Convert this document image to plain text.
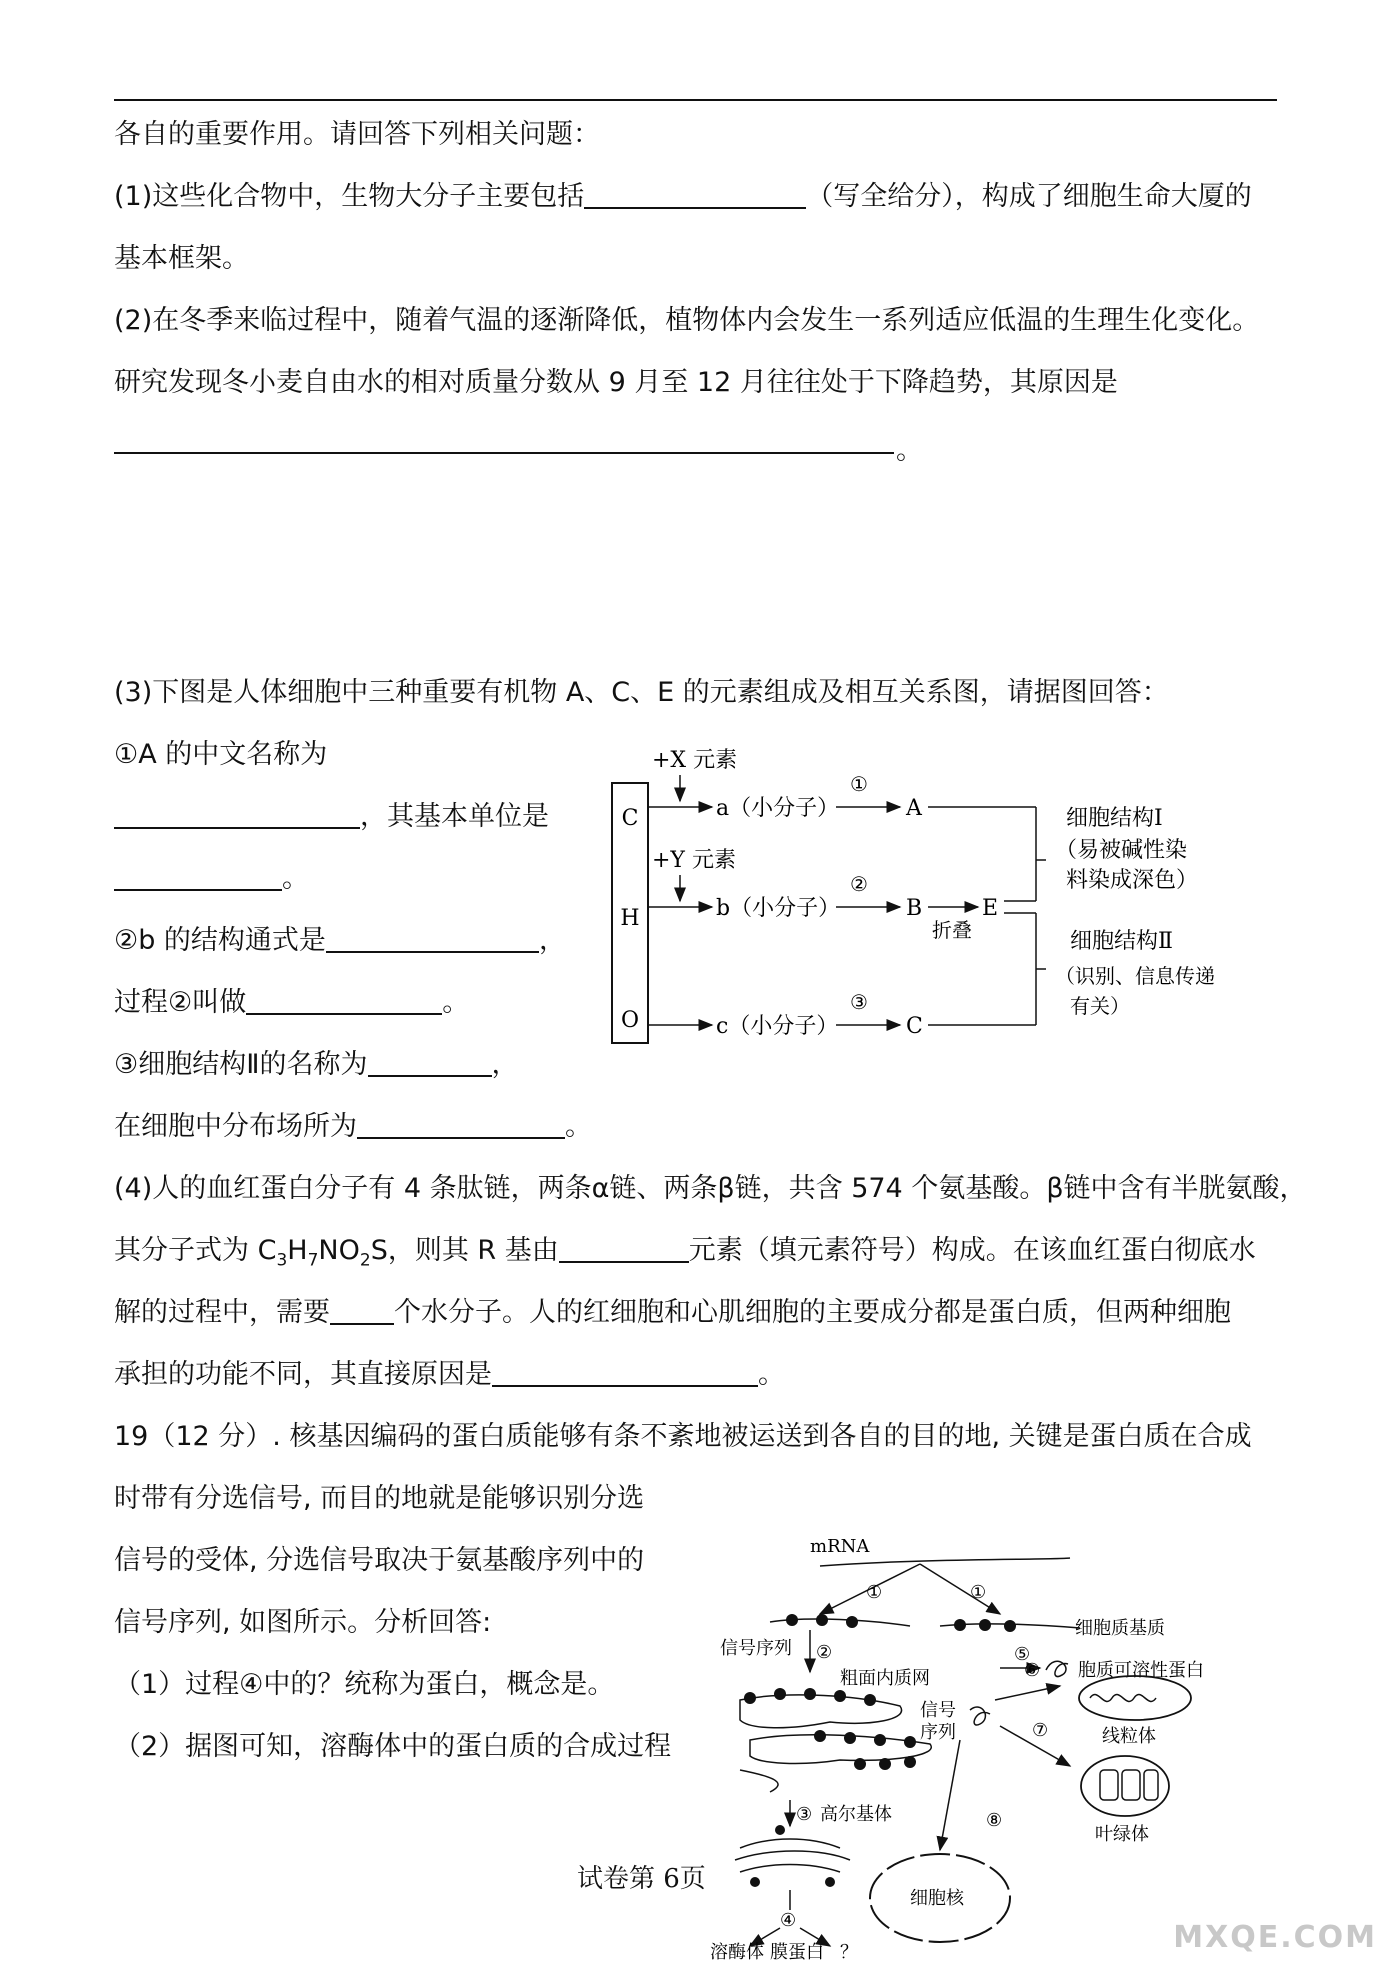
各自的重要作用。请回答下列相关问题：
(1)这些化合物中，生物大分子主要包括	（写全给分），构成了细胞生命大厦的
基本框架。
(2)在冬季来临过程中，随着气温的逐渐降低，植物体内会发生一系列适应低温的生理生化变化。
研究发现冬小麦自由水的相对质量分数从 9 月至 12 月往往处于下降趋势，其原因是
。
(3)下图是人体细胞中三种重要有机物 A、C、E 的元素组成及相互关系图，请据图回答：
①A 的中文名称为
，其基本单位是
。
②b 的结构通式是	，
过程②叫做	。
③细胞结构Ⅱ的名称为	，
在细胞中分布场所为	。
C
H
O
+X 元素
a（小分子）
①
A
+Y 元素
b（小分子）
②
B
折叠
E
c（小分子）
③
C
细胞结构Ⅰ
（易被碱性染
料染成深色）
细胞结构Ⅱ
（识别、信息传递
有关）
(4)人的血红蛋白分子有 4 条肽链，两条α链、两条β链，共含 574 个氨基酸。β链中含有半胱氨酸，
其分子式为 $C_3H_7NO_2S$，则其 R 基由	元素（填元素符号）构成。在该血红蛋白彻底水
解的过程中，需要 个水分子。人的红细胞和心肌细胞的主要成分都是蛋白质，但两种细胞
承担的功能不同，其直接原因是	。
19（12 分）. 核基因编码的蛋白质能够有条不紊地被运送到各自的目的地, 关键是蛋白质在合成
时带有分选信号, 而目的地就是能够识别分选
信号的受体, 分选信号取决于氨基酸序列中的
信号序列, 如图所示。分析回答:
（1）过程④中的？统称为蛋白，概念是。
（2）据图可知，溶酶体中的蛋白质的合成过程
mRNA
①	①
信号序列 ②
粗面内质网
细胞质基质
⑤
胞质可溶性蛋白
信号
序列
⑥
线粒体
⑦
叶绿体
③ 高尔基体
④
溶酶体 膜蛋白 ？
⑧
细胞核
试卷第 6页
MXQE.COM
